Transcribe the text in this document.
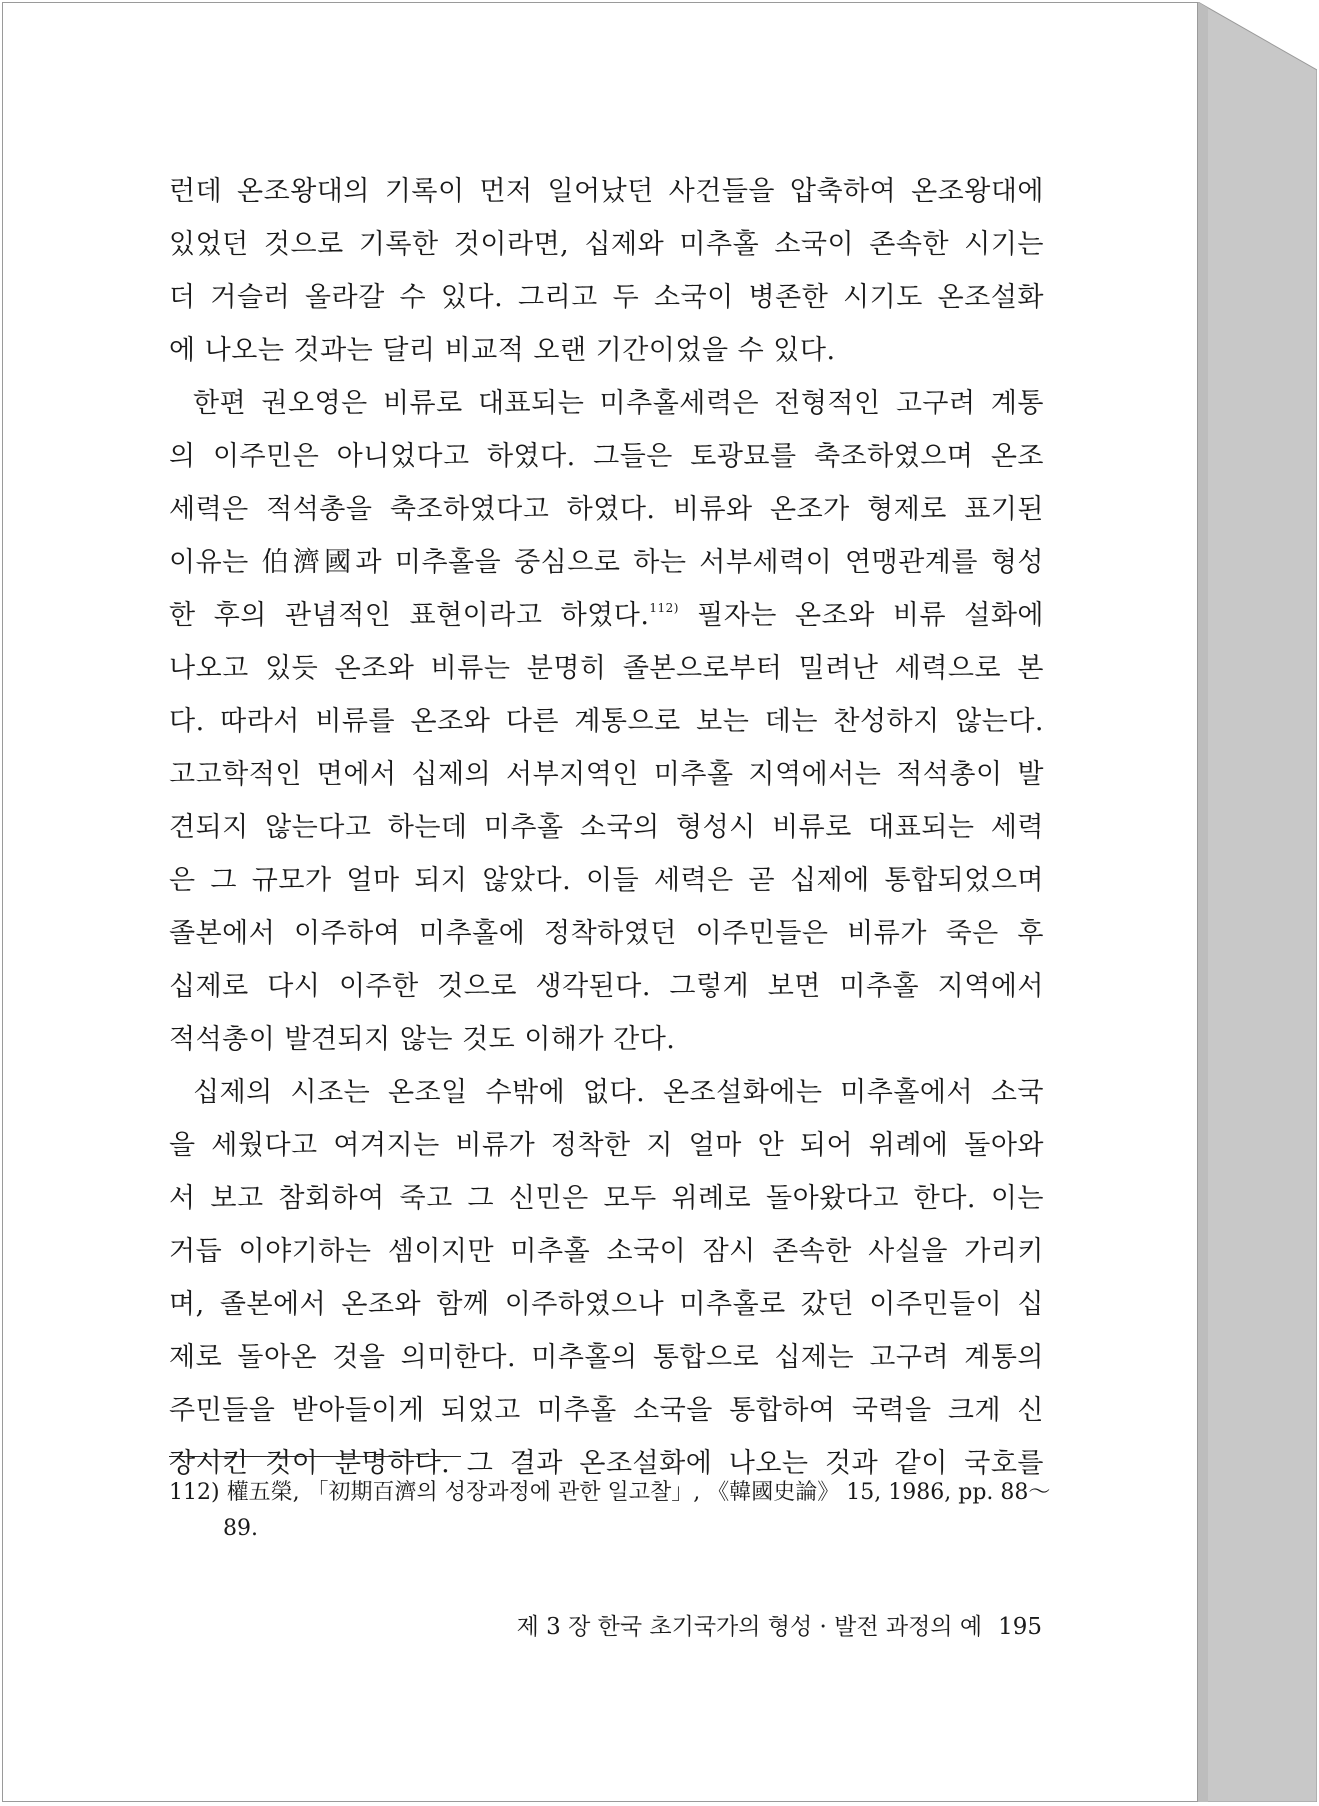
런데 온조왕대의 기록이 먼저 일어났던 사건들을 압축하여 온조왕대에
있었던 것으로 기록한 것이라면, 십제와 미추홀 소국이 존속한 시기는
더 거슬러 올라갈 수 있다. 그리고 두 소국이 병존한 시기도 온조설화
에 나오는 것과는 달리 비교적 오랜 기간이었을 수 있다.
한편 권오영은 비류로 대표되는 미추홀세력은 전형적인 고구려 계통
의 이주민은 아니었다고 하였다. 그들은 토광묘를 축조하였으며 온조
세력은 적석총을 축조하였다고 하였다. 비류와 온조가 형제로 표기된
이유는 伯濟國과 미추홀을 중심으로 하는 서부세력이 연맹관계를 형성
한 후의 관념적인 표현이라고 하였다.$^{112)}$ 필자는 온조와 비류 설화에
나오고 있듯 온조와 비류는 분명히 졸본으로부터 밀려난 세력으로 본
다. 따라서 비류를 온조와 다른 계통으로 보는 데는 찬성하지 않는다.
고고학적인 면에서 십제의 서부지역인 미추홀 지역에서는 적석총이 발
견되지 않는다고 하는데 미추홀 소국의 형성시 비류로 대표되는 세력
은 그 규모가 얼마 되지 않았다. 이들 세력은 곧 십제에 통합되었으며
졸본에서 이주하여 미추홀에 정착하였던 이주민들은 비류가 죽은 후
십제로 다시 이주한 것으로 생각된다. 그렇게 보면 미추홀 지역에서
적석총이 발견되지 않는 것도 이해가 간다.
십제의 시조는 온조일 수밖에 없다. 온조설화에는 미추홀에서 소국
을 세웠다고 여겨지는 비류가 정착한 지 얼마 안 되어 위례에 돌아와
서 보고 참회하여 죽고 그 신민은 모두 위례로 돌아왔다고 한다. 이는
거듭 이야기하는 셈이지만 미추홀 소국이 잠시 존속한 사실을 가리키
며, 졸본에서 온조와 함께 이주하였으나 미추홀로 갔던 이주민들이 십
제로 돌아온 것을 의미한다. 미추홀의 통합으로 십제는 고구려 계통의
주민들을 받아들이게 되었고 미추홀 소국을 통합하여 국력을 크게 신
장시킨 것이 분명하다. 그 결과 온조설화에 나오는 것과 같이 국호를
112) 權五榮, 「初期百濟의 성장과정에 관한 일고찰」, 《韓國史論》 15, 1986, pp. 88～
89.
제 3 장 한국 초기국가의 형성 · 발전 과정의 예 195
